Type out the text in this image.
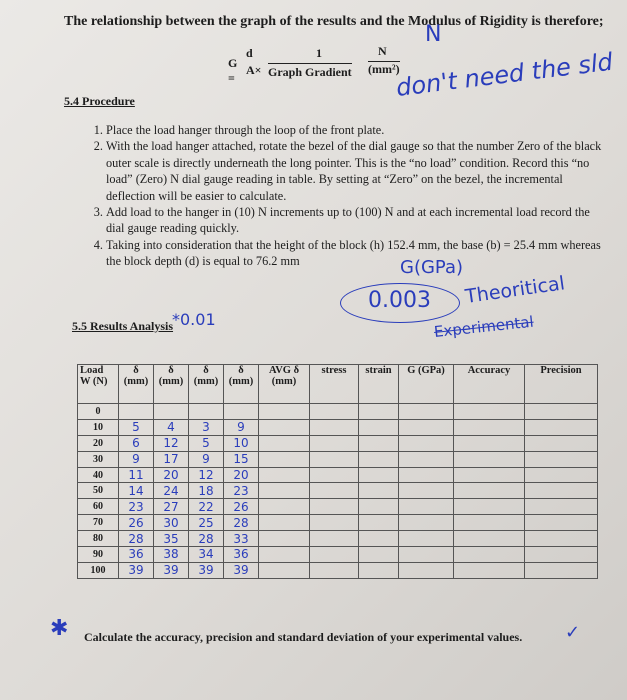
The relationship between the graph of the results and the Modulus of Rigidity is therefore;
N
G =
d
A×
1
Graph Gradient
N
(mm²)
5.4 Procedure	don't need the sld
1. Place the load hanger through the loop of the front plate.
2. With the load hanger attached, rotate the bezel of the dial gauge so that the number Zero of the black outer scale is directly underneath the long pointer. This is the “no load” condition. Record this “no load” (Zero) N dial gauge reading in table. By setting at “Zero” on the bezel, the incremental deflection will be easier to calculate.
3. Add load to the hanger in (10) N increments up to (100) N and at each incremental load record the dial gauge reading quickly.
4. Taking into consideration that the height of the block (h) 152.4 mm, the base (b) = 25.4 mm whereas the block depth (d) is equal to 76.2 mm	G(GPa)
0.003 Theoritical
Experimental
5.5 Results Analysis
*0.01
Load W (N)	δ (mm)	δ (mm)	δ (mm)	δ (mm)	AVG δ (mm)	stress	strain	G (GPa)	Accuracy	Precision
0										
10	5	4	3	9						
20	6	12	5	10						
30	9	17	9	15						
40	11	20	12	20						
50	14	24	18	23						
60	23	27	22	26						
70	26	30	25	28						
80	28	35	28	33						
90	36	38	34	36						
100	39	39	39	39						
✱ Calculate the accuracy, precision and standard deviation of your experimental values. ✓
